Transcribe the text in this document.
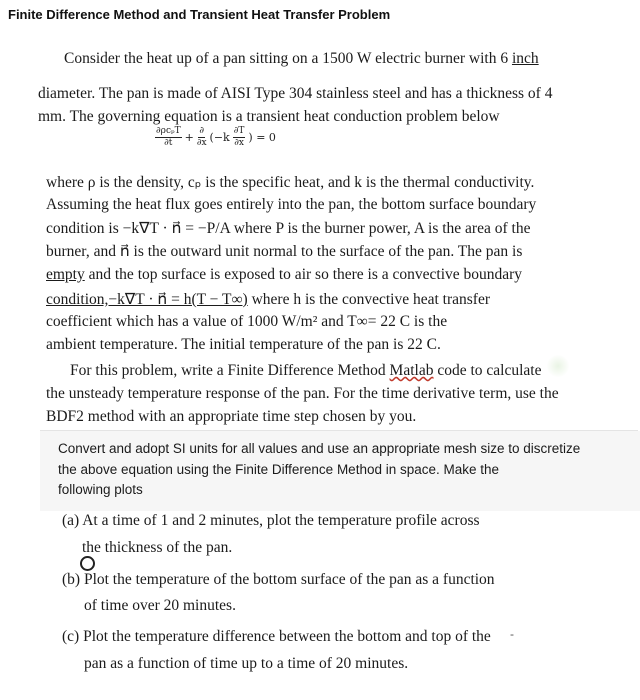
Finite Difference Method and Transient Heat Transfer Problem
Consider the heat up of a pan sitting on a 1500 W electric burner with 6 inch
diameter. The pan is made of AISI Type 304 stainless steel and has a thickness of 4
mm. The governing equation is a transient heat conduction problem below
$\frac{\text{∂ρcₚT}}{\partial t} + \frac{\partial}{\partial x} (-k \frac{\partial T}{\partial x}$ ) = 0
where ρ is the density, cₚ is the specific heat, and k is the thermal conductivity.
Assuming the heat flux goes entirely into the pan, the bottom surface boundary
condition is −k∇T · n⃗ = −P/A where P is the burner power, A is the area of the
burner, and n⃗ is the outward unit normal to the surface of the pan. The pan is
empty and the top surface is exposed to air so there is a convective boundary
condition,−k∇T · n⃗ = h(T − T∞) where h is the convective heat transfer
coefficient which has a value of 1000 W/m² and T∞= 22 C is the
ambient temperature. The initial temperature of the pan is 22 C.
For this problem, write a Finite Difference Method Matlab code to calculate
the unsteady temperature response of the pan. For the time derivative term, use the
BDF2 method with an appropriate time step chosen by you.
Convert and adopt SI units for all values and use an appropriate mesh size to discretize
the above equation using the Finite Difference Method in space. Make the
following plots
(a) At a time of 1 and 2 minutes, plot the temperature profile across
the thickness of the pan.
(b) Plot the temperature of the bottom surface of the pan as a function
of time over 20 minutes.
(c) Plot the temperature difference between the bottom and top of the -
pan as a function of time up to a time of 20 minutes.
